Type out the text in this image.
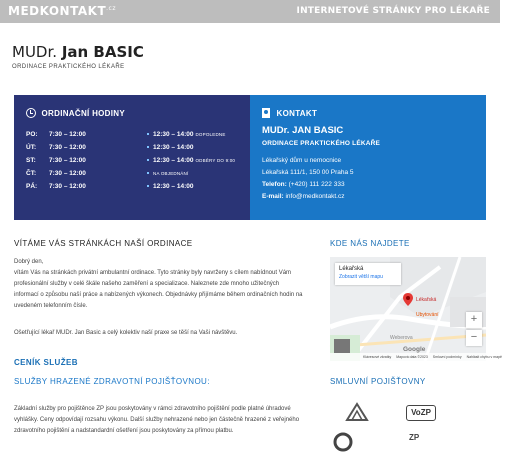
$MEDKONTAKT^{.cz}$	INTERNETOVÉ STRÁNKY PRO LÉKAŘE
MUDr. Jan BASIC
ORDINACE PRAKTICKÉHO LÉKAŘE
ORDINAČNÍ HODINY
PO:	7:30 – 12:00	12:30 – 14:00 DOPOLEDNE
ÚT:	7:30 – 12:00	12:30 – 14:00
ST:	7:30 – 12:00	12:30 – 14:00 ODBĚRY DO 9:00
ČT:	7:30 – 12:00	NA OBJEDNÁNÍ
PÁ:	7:30 – 12:00	12:30 – 14:00
KONTAKT
MUDr. JAN BASIC
ORDINACE PRAKTICKÉHO LÉKAŘE
Lékařský dům u nemocnice
Lékařská 111/1, 150 00 Praha 5
Telefon: (+420) 111 222 333
E-mail: info@medkontakt.cz
VÍTÁME VÁS STRÁNKÁCH NAŠÍ ORDINACE
Dobrý den,
vítám Vás na stránkách privátní ambulantní ordinace. Tyto stránky byly navrženy s cílem nabídnout Vám profesionální služby v celé škále našeho zaměření a specializace. Naleznete zde mnoho užitečných informací o způsobu naší práce a nabízených výkonech. Objednávky přijímáme během ordinačních hodin na uvedeném telefonním čísle.
Ošetřující lékař MUDr. Jan Basic a celý kolektiv naší praxe se těší na Vaši návštěvu.
CENÍK SLUŽEB
SLUŽBY HRAZENÉ ZDRAVOTNÍ POJIŠŤOVNOU:
Základní služby pro pojištěnce ZP jsou poskytovány v rámci zdravotního pojištění podle platné úhradové vyhlášky. Ceny odpovídají rozsahu výkonu. Další služby nehrazené nebo jen částečně hrazené z veřejného zdravotního pojištění a nadstandardní ošetření jsou poskytovány za přímou platbu.
KDE NÁS NAJDETE
Lékařská
Zobrazit větší mapu
Lékařská
Ubytování
Weberova
+
−
Google
Klávesové zkratky Mapová data ©2023 Smluvní podmínky Nahlásit chybu v mapě
SMLUVNÍ POJIŠŤOVNY
VoZP
ZP
